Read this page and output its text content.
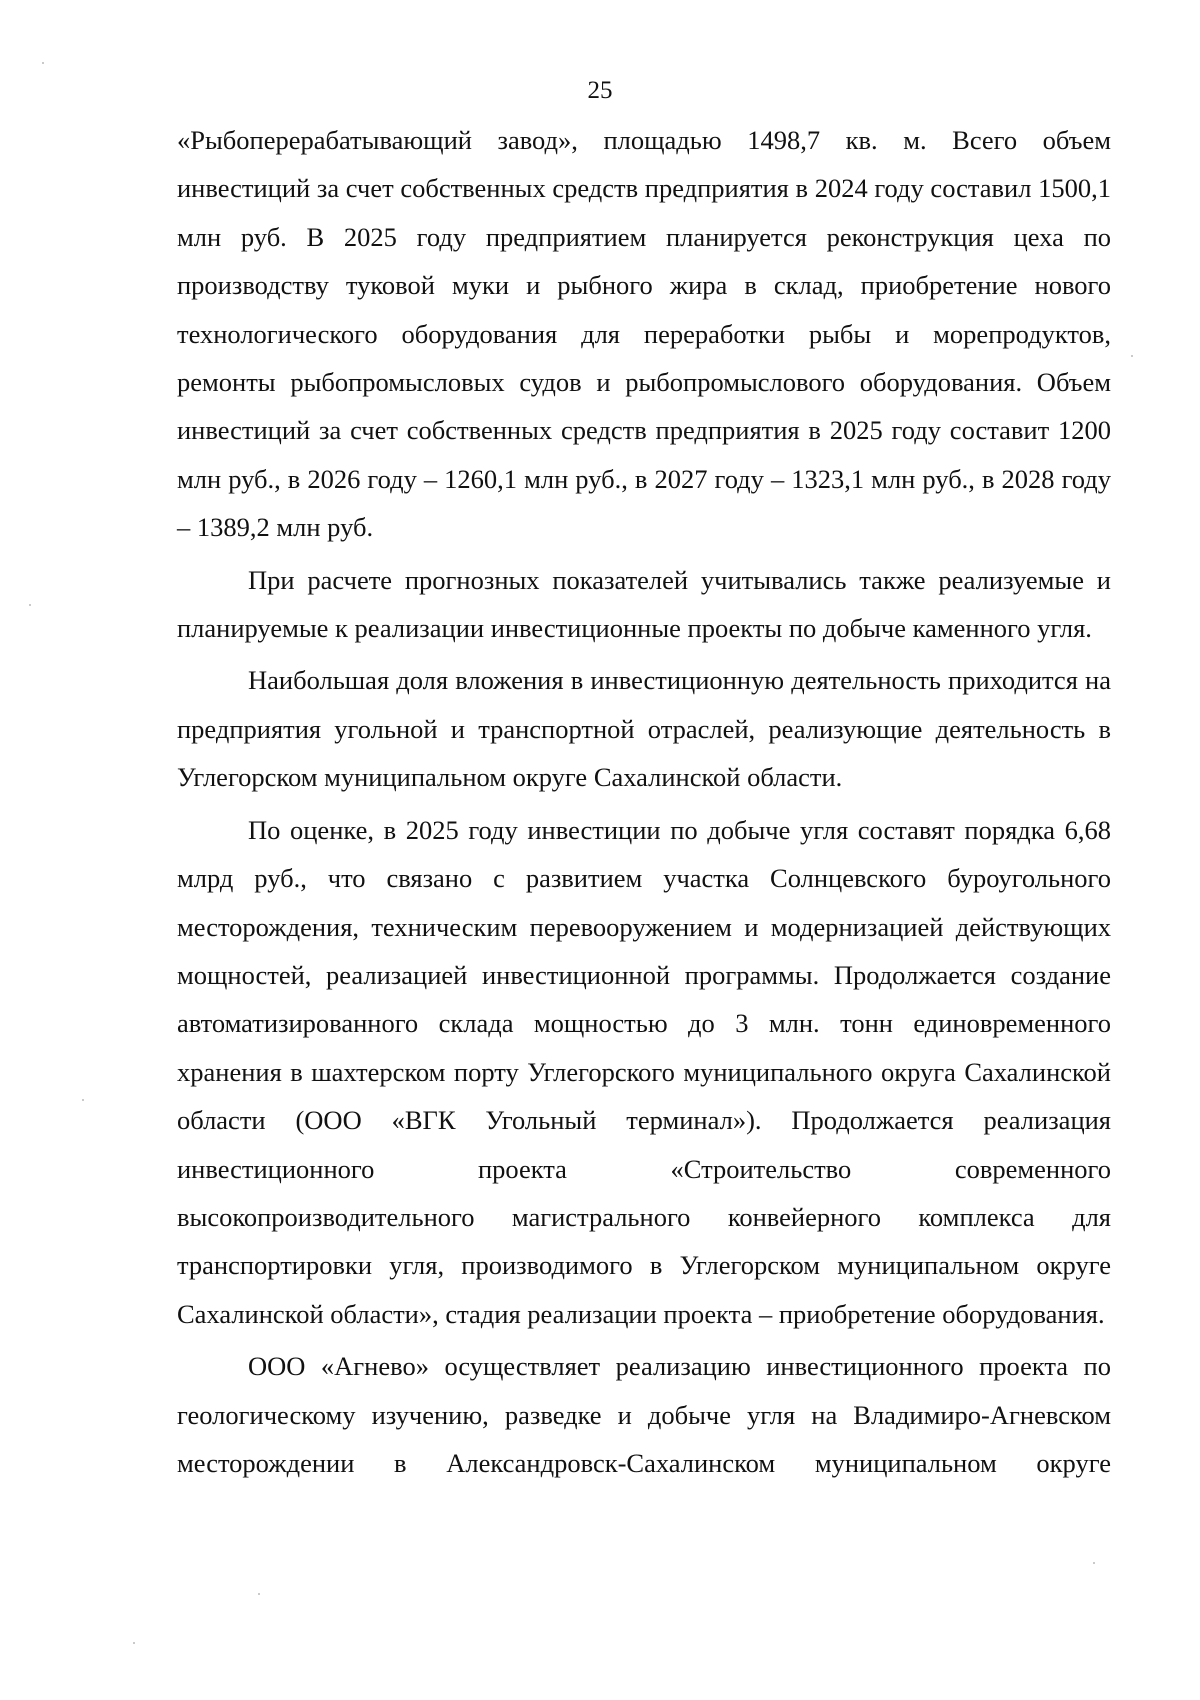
25

«Рыбоперерабатывающий завод», площадью 1498,7 кв. м. Всего объем инвестиций за счет собственных средств предприятия в 2024 году составил 1500,1 млн руб. В 2025 году предприятием планируется реконструкция цеха по производству туковой муки и рыбного жира в склад, приобретение нового технологического оборудования для переработки рыбы и морепродуктов, ремонты рыбопромысловых судов и рыбопромыслового оборудования. Объем инвестиций за счет собственных средств предприятия в 2025 году составит 1200 млн руб., в 2026 году – 1260,1 млн руб., в 2027 году – 1323,1 млн руб., в 2028 году – 1389,2 млн руб.

При расчете прогнозных показателей учитывались также реализуемые и планируемые к реализации инвестиционные проекты по добыче каменного угля.

Наибольшая доля вложения в инвестиционную деятельность приходится на предприятия угольной и транспортной отраслей, реализующие деятельность в Углегорском муниципальном округе Сахалинской области.

По оценке, в 2025 году инвестиции по добыче угля составят порядка 6,68 млрд руб., что связано с развитием участка Солнцевского буроугольного месторождения, техническим перевооружением и модернизацией действующих мощностей, реализацией инвестиционной программы. Продолжается создание автоматизированного склада мощностью до 3 млн. тонн единовременного хранения в шахтерском порту Углегорского муниципального округа Сахалинской области (ООО «ВГК Угольный терминал»). Продолжается реализация инвестиционного проекта «Строительство современного высокопроизводительного магистрального конвейерного комплекса для транспортировки угля, производимого в Углегорском муниципальном округе Сахалинской области», стадия реализации проекта – приобретение оборудования.

ООО «Агнево» осуществляет реализацию инвестиционного проекта по геологическому изучению, разведке и добыче угля на Владимиро-Агневском месторождении в Александровск-Сахалинском муниципальном округе
